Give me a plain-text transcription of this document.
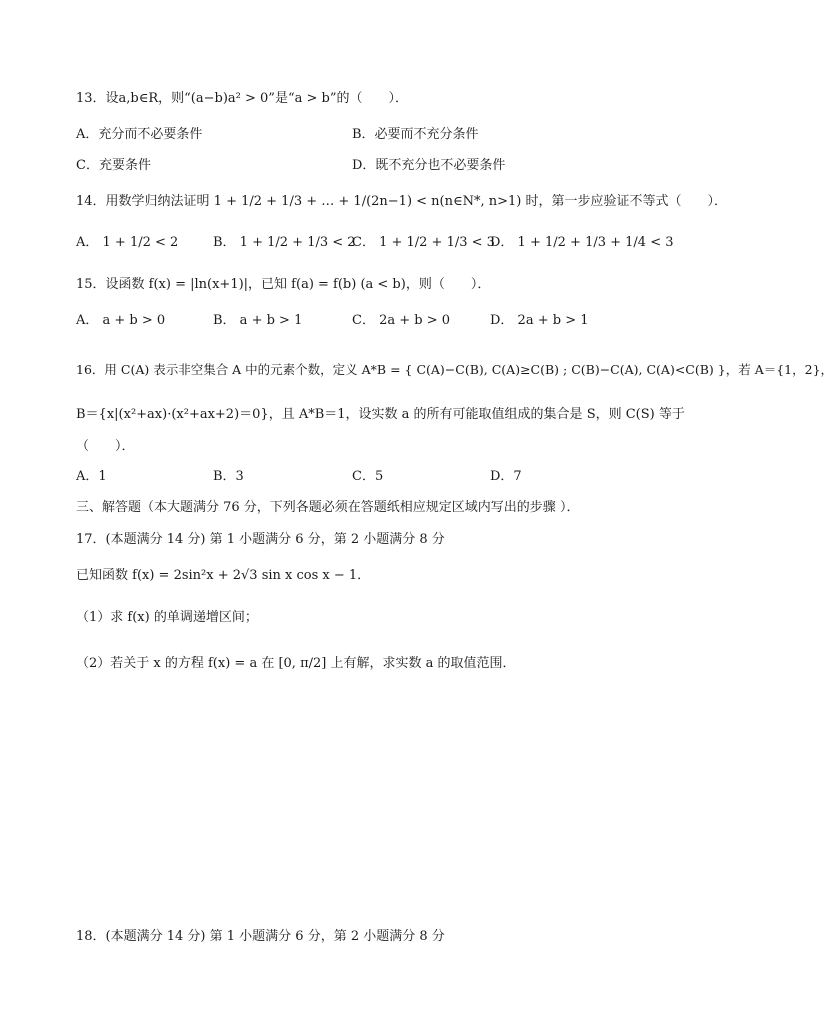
13．设a,b∈R，则“(a−b)a² > 0”是“a > b”的（　　）．
A．充分而不必要条件	B．必要而不充分条件
C．充要条件	D．既不充分也不必要条件
14．用数学归纳法证明 1 + 1/2 + 1/3 + … + 1/(2n−1) < n(n∈N*, n>1) 时，第一步应验证不等式（　　）．
A． 1 + 1/2 < 2	B． 1 + 1/2 + 1/3 < 2
C． 1 + 1/2 + 1/3 < 3
D． 1 + 1/2 + 1/3 + 1/4 < 3
15．设函数 f(x) = |ln(x+1)|，已知 f(a) = f(b) (a < b)，则（　　）．
A． a + b > 0	B． a + b > 1	C． 2a + b > 0	D． 2a + b > 1
16．用 C(A) 表示非空集合 A 中的元素个数，定义 A*B = { C(A)−C(B), C(A)≥C(B) ; C(B)−C(A), C(A)<C(B) }，若 A＝{1，2}，
B＝{x|(x²+ax)·(x²+ax+2)＝0}，且 A*B＝1，设实数 a 的所有可能取值组成的集合是 S，则 C(S) 等于
（　　）．
A．1	B．3	C．5	D．7
三、解答题（本大题满分 76 分，下列各题必须在答题纸相应规定区域内写出的步骤 ）．
17．(本题满分 14 分) 第 1 小题满分 6 分，第 2 小题满分 8 分
已知函数 f(x) = 2sin²x + 2√3 sin x cos x − 1．
（1）求 f(x) 的单调递增区间；
（2）若关于 x 的方程 f(x) = a 在 [0, π/2] 上有解，求实数 a 的取值范围．
18．(本题满分 14 分) 第 1 小题满分 6 分，第 2 小题满分 8 分
